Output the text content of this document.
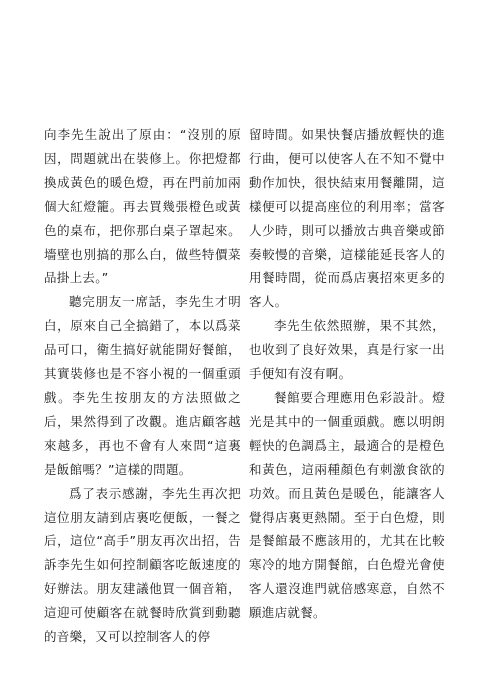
向李先生說出了原由：“沒別的原因，問題就出在裝修上。你把燈都換成黃色的暖色燈，再在門前加兩個大紅燈籠。再去買幾張橙色或黃色的桌布，把你那白桌子罩起來。墻壁也別搞的那么白，做些特價菜品掛上去。”

聽完朋友一席話，李先生才明白，原來自己全搞錯了，本以爲菜品可口，衛生搞好就能開好餐館，其實裝修也是不容小視的一個重頭戲。李先生按朋友的方法照做之后，果然得到了改觀。進店顧客越來越多，再也不會有人來問“這裏是飯館嗎？”這樣的問題。

爲了表示感謝，李先生再次把這位朋友請到店裏吃便飯，一餐之后，這位“高手”朋友再次出招，告訴李先生如何控制顧客吃飯速度的好辦法。朋友建議他買一個音箱，這迎可使顧客在就餐時欣賞到動聽的音樂，又可以控制客人的停

留時間。如果快餐店播放輕快的進行曲，便可以使客人在不知不覺中動作加快，很快結束用餐離開，這樣便可以提高座位的利用率；當客人少時，則可以播放古典音樂或節奏較慢的音樂，這樣能延長客人的用餐時間，從而爲店裏招來更多的客人。

李先生依然照辦，果不其然，也收到了良好效果，真是行家一出手便知有沒有啊。

餐館要合理應用色彩設計。燈光是其中的一個重頭戲。應以明朗輕快的色調爲主，最適合的是橙色和黃色，這兩種顏色有刺激食欲的功效。而且黃色是暖色，能讓客人覺得店裏更熱鬧。至于白色燈，則是餐館最不應該用的，尤其在比較寒冷的地方開餐館，白色燈光會使客人還沒進門就倍感寒意，自然不願進店就餐。
